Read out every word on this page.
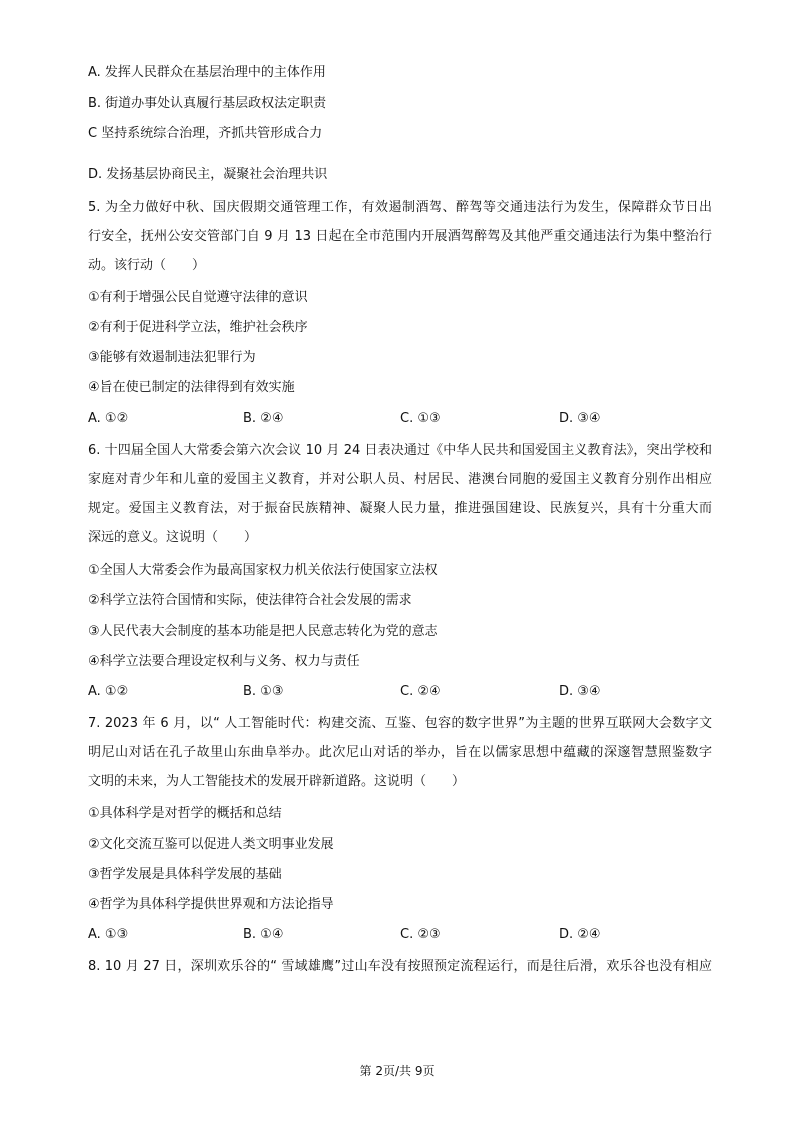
A. 发挥人民群众在基层治理中的主体作用
B. 街道办事处认真履行基层政权法定职责
C 坚持系统综合治理，齐抓共管形成合力
D. 发扬基层协商民主，凝聚社会治理共识
5. 为全力做好中秋、国庆假期交通管理工作，有效遏制酒驾、醉驾等交通违法行为发生，保障群众节日出
行安全，抚州公安交管部门自 9 月 13 日起在全市范围内开展酒驾醉驾及其他严重交通违法行为集中整治行
动。该行动（　　）
①有利于增强公民自觉遵守法律的意识
②有利于促进科学立法，维护社会秩序
③能够有效遏制违法犯罪行为
④旨在使已制定的法律得到有效实施
A. ①②	B. ②④	C. ①③	D. ③④
6. 十四届全国人大常委会第六次会议 10 月 24 日表决通过《中华人民共和国爱国主义教育法》，突出学校和
家庭对青少年和儿童的爱国主义教育，并对公职人员、村居民、港澳台同胞的爱国主义教育分别作出相应
规定。爱国主义教育法，对于振奋民族精神、凝聚人民力量，推进强国建设、民族复兴，具有十分重大而
深远的意义。这说明（　　）
①全国人大常委会作为最高国家权力机关依法行使国家立法权
②科学立法符合国情和实际，使法律符合社会发展的需求
③人民代表大会制度的基本功能是把人民意志转化为党的意志
④科学立法要合理设定权利与义务、权力与责任
A. ①②	B. ①③	C. ②④	D. ③④
7. 2023 年 6 月，以“ 人工智能时代：构建交流、互鉴、包容的数字世界”为主题的世界互联网大会数字文
明尼山对话在孔子故里山东曲阜举办。此次尼山对话的举办，旨在以儒家思想中蕴藏的深邃智慧照鉴数字
文明的未来，为人工智能技术的发展开辟新道路。这说明（　　）
①具体科学是对哲学的概括和总结
②文化交流互鉴可以促进人类文明事业发展
③哲学发展是具体科学发展的基础
④哲学为具体科学提供世界观和方法论指导
A. ①③	B. ①④	C. ②③	D. ②④
8. 10 月 27 日，深圳欢乐谷的“ 雪域雄鹰”过山车没有按照预定流程运行，而是往后滑，欢乐谷也没有相应
第 2页/共 9页
